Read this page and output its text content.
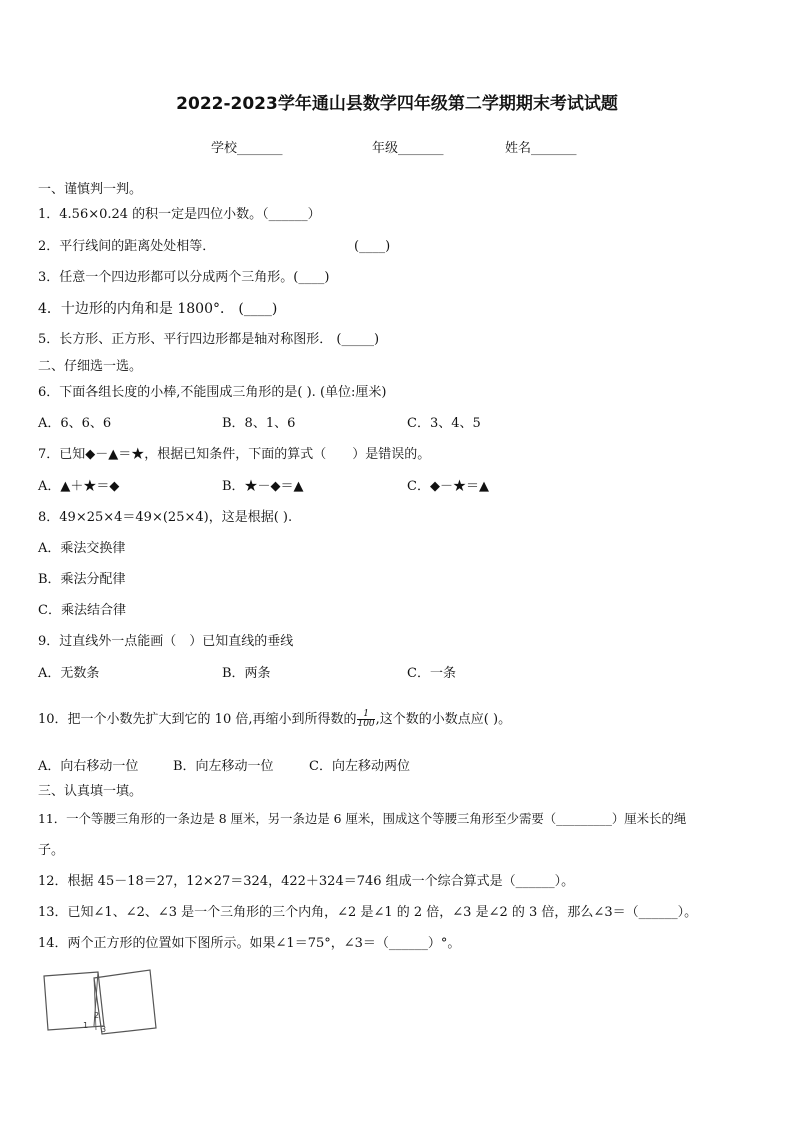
2022-2023学年通山县数学四年级第二学期期末考试试题
学校_______	年级_______	姓名_______
一、谨慎判一判。
1．4.56×0.24 的积一定是四位小数。（______）
2．平行线间的距离处处相等．	(____)
3．任意一个四边形都可以分成两个三角形。(____)
4．十边形的内角和是 1800°． (____)
5．长方形、正方形、平行四边形都是轴对称图形． (_____)
二、仔细选一选。
6．下面各组长度的小棒,不能围成三角形的是( ). (单位:厘米)
A．6、6、6	B．8、1、6	C．3、4、5
7．已知◆－▲＝★，根据已知条件，下面的算式（　　）是错误的。
A．▲＋★＝◆	B．★－◆＝▲	C．◆－★＝▲
8．49×25×4＝49×(25×4)，这是根据( ).
A．乘法交换律
B．乘法分配律
C．乘法结合律
9．过直线外一点能画（　）已知直线的垂线
A．无数条	B．两条	C．一条
10．把一个小数先扩大到它的 10 倍,再缩小到所得数的 $\frac{1}{100}$ ,这个数的小数点应( )。
A．向右移动一位	B．向左移动一位	C．向左移动两位
三、认真填一填。
11．一个等腰三角形的一条边是 8 厘米，另一条边是 6 厘米，围成这个等腰三角形至少需要（_________）厘米长的绳
子。
12．根据 45－18＝27，12×27＝324，422＋324＝746 组成一个综合算式是（______）。
13．已知∠1、∠2、∠3 是一个三角形的三个内角，∠2 是∠1 的 2 倍，∠3 是∠2 的 3 倍，那么∠3＝（______）。
14．两个正方形的位置如下图所示。如果∠1＝75°，∠3＝（______）°。
1
2
3
